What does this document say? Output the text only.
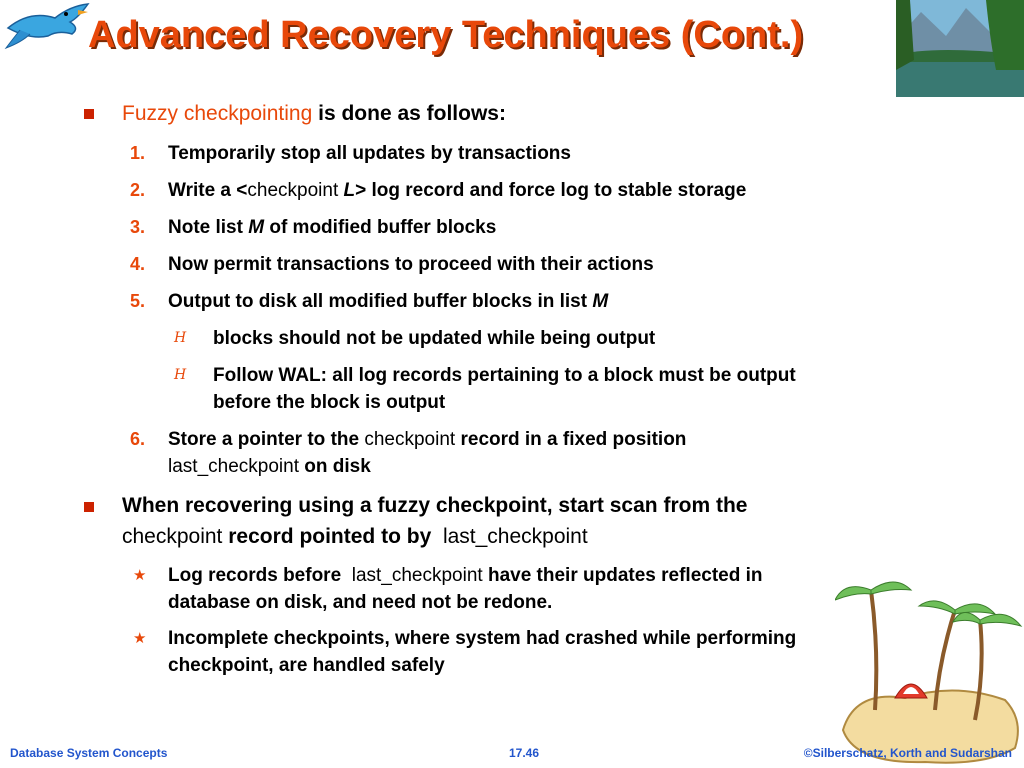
Advanced Recovery Techniques (Cont.)
Fuzzy checkpointing is done as follows:
1. Temporarily stop all updates by transactions
2. Write a <checkpoint L> log record and force log to stable storage
3. Note list M of modified buffer blocks
4. Now permit transactions to proceed with their actions
5. Output to disk all modified buffer blocks in list M
H blocks should not be updated while being output
H Follow WAL: all log records pertaining to a block must be output
before the block is output
6. Store a pointer to the checkpoint record in a fixed position
last_checkpoint on disk
When recovering using a fuzzy checkpoint, start scan from the
checkpoint record pointed to by last_checkpoint
★ Log records before last_checkpoint have their updates reflected in
database on disk, and need not be redone.
★ Incomplete checkpoints, where system had crashed while performing
checkpoint, are handled safely
Database System Concepts	17.46	©Silberschatz, Korth and Sudarshan
